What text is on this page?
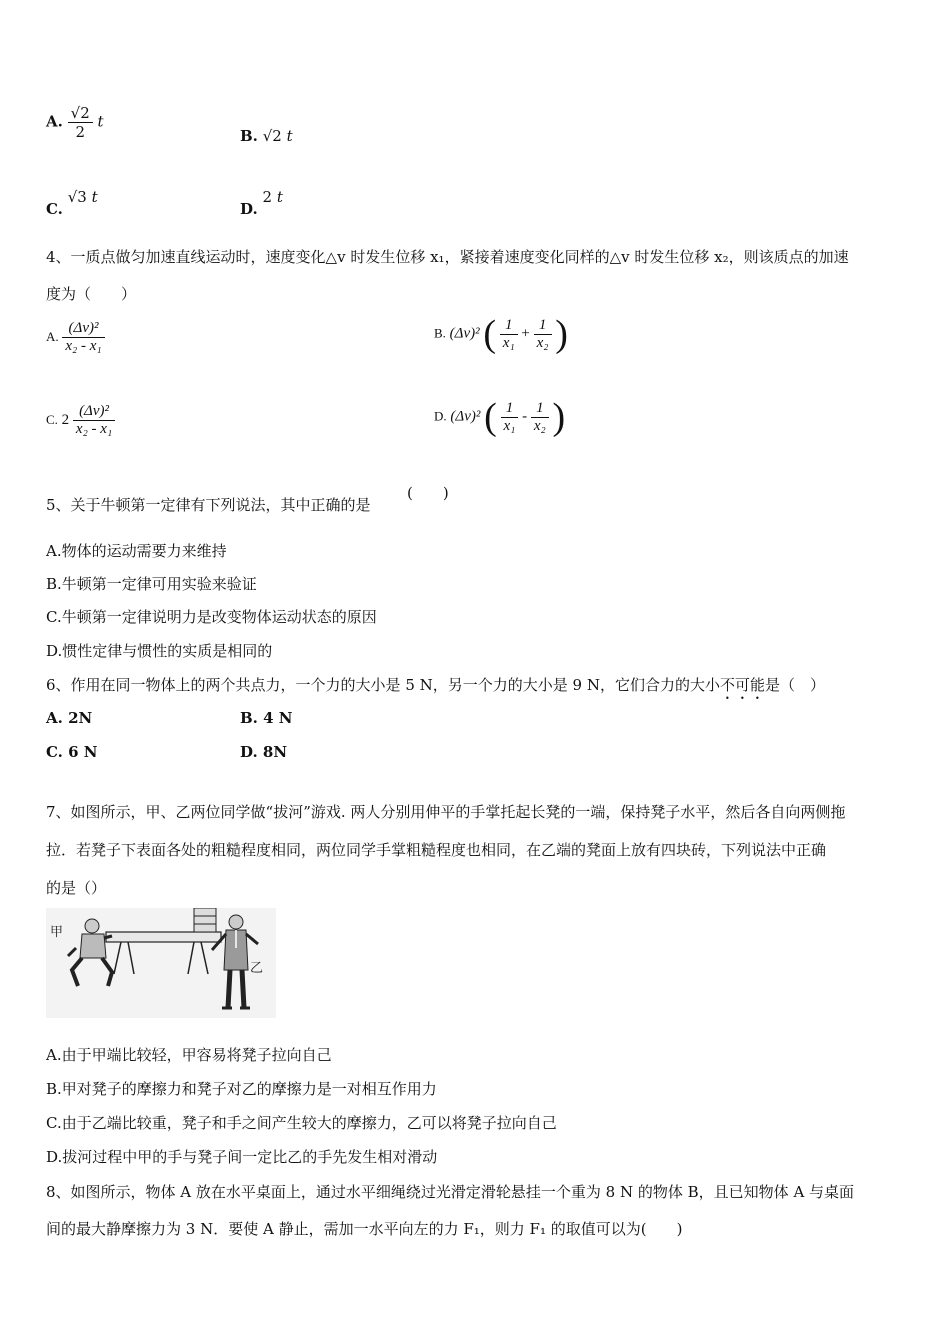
A. $\frac{√2}{2}$ t
B. √2 t
C. √3 t
D. 2 t
4、一质点做匀加速直线运动时，速度变化△v 时发生位移 x₁，紧接着速度变化同样的△v 时发生位移 x₂，则该质点的加速
度为（　　）
A. $\frac{\text{(Δv)²}}{\text{x₂ - x₁}}$	B. (Δv)² ( $\frac{1}{\text{x₁}} + \frac{1}{\text{x₂}}$ )
C. $2 \frac{\text{(Δv)²}}{\text{x₂ - x₁}}$	D. (Δv)² ( $\frac{1}{\text{x₁}} - \frac{1}{\text{x₂}}$ )
5、关于牛顿第一定律有下列说法，其中正确的是
(　　)
A.物体的运动需要力来维持
B.牛顿第一定律可用实验来验证
C.牛顿第一定律说明力是改变物体运动状态的原因
D.惯性定律与惯性的实质是相同的
6、作用在同一物体上的两个共点力，一个力的大小是 5 N，另一个力的大小是 9 N，它们合力的大小不可能是（　）
A. 2N	B. 4 N
C. 6 N	D. 8N
7、如图所示，甲、乙两位同学做“拔河”游戏. 两人分别用伸平的手掌托起长凳的一端，保持凳子水平，然后各自向两侧拖
拉．若凳子下表面各处的粗糙程度相同，两位同学手掌粗糙程度也相同，在乙端的凳面上放有四块砖，下列说法中正确
的是（）
甲
乙
A.由于甲端比较轻，甲容易将凳子拉向自己
B.甲对凳子的摩擦力和凳子对乙的摩擦力是一对相互作用力
C.由于乙端比较重，凳子和手之间产生较大的摩擦力，乙可以将凳子拉向自己
D.拔河过程中甲的手与凳子间一定比乙的手先发生相对滑动
8、如图所示，物体 A 放在水平桌面上，通过水平细绳绕过光滑定滑轮悬挂一个重为 8 N 的物体 B，且已知物体 A 与桌面
间的最大静摩擦力为 3 N．要使 A 静止，需加一水平向左的力 F₁，则力 F₁ 的取值可以为(　　)
